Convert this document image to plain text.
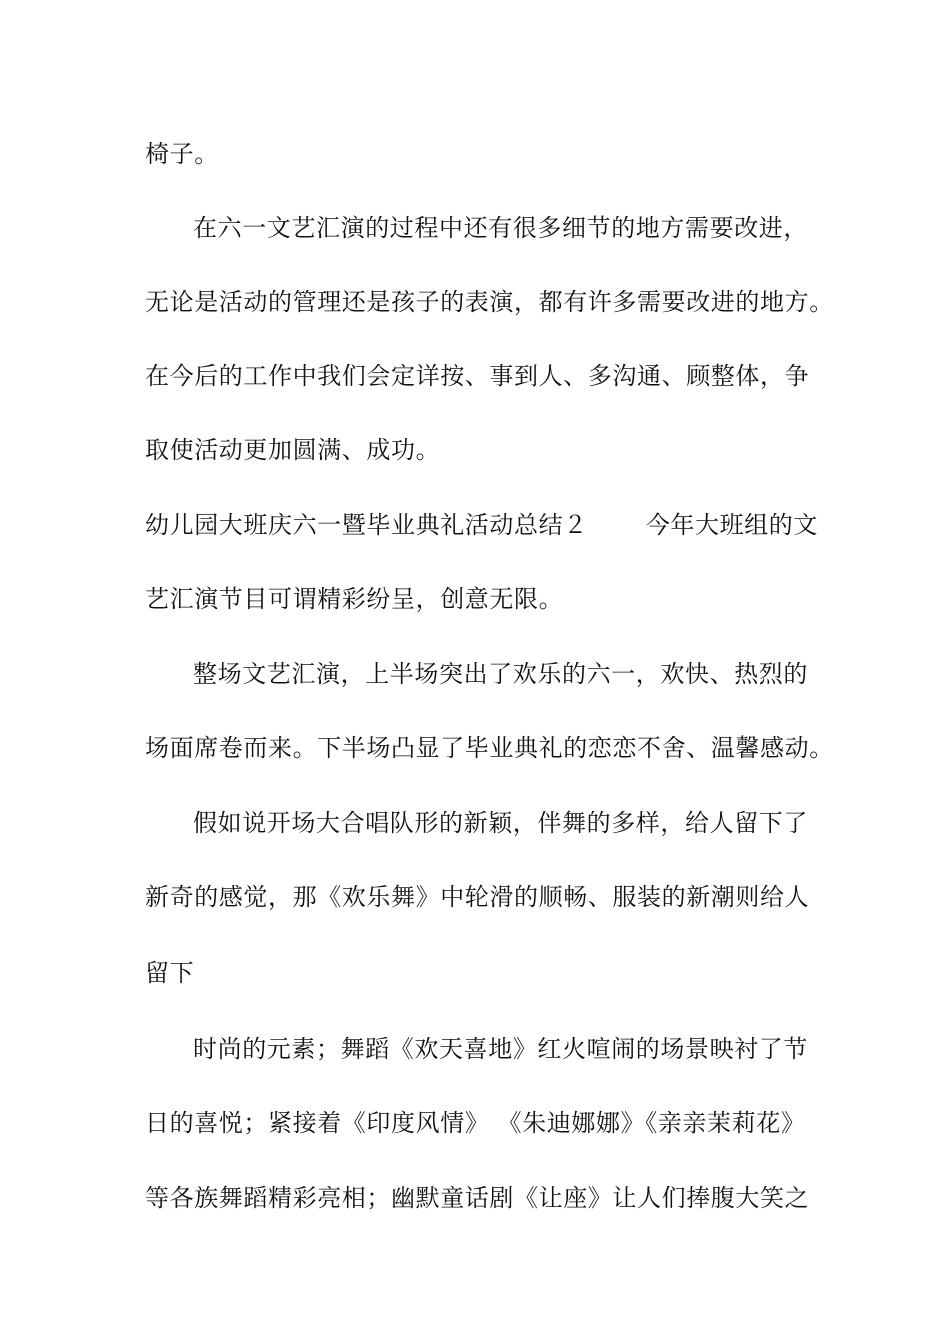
椅子。
在六一文艺汇演的过程中还有很多细节的地方需要改进，
无论是活动的管理还是孩子的表演，都有许多需要改进的地方。
在今后的工作中我们会定详按、事到人、多沟通、顾整体，争
取使活动更加圆满、成功。
幼儿园大班庆六一暨毕业典礼活动总结２ 今年大班组的文
艺汇演节目可谓精彩纷呈，创意无限。
整场文艺汇演，上半场突出了欢乐的六一，欢快、热烈的
场面席卷而来。下半场凸显了毕业典礼的恋恋不舍、温馨感动。
假如说开场大合唱队形的新颖，伴舞的多样，给人留下了
新奇的感觉，那《欢乐舞》中轮滑的顺畅、服装的新潮则给人
留下
时尚的元素；舞蹈《欢天喜地》红火喧闹的场景映衬了节
日的喜悦；紧接着《印度风情》 《朱迪娜娜》《亲亲茉莉花》
等各族舞蹈精彩亮相；幽默童话剧《让座》让人们捧腹大笑之
